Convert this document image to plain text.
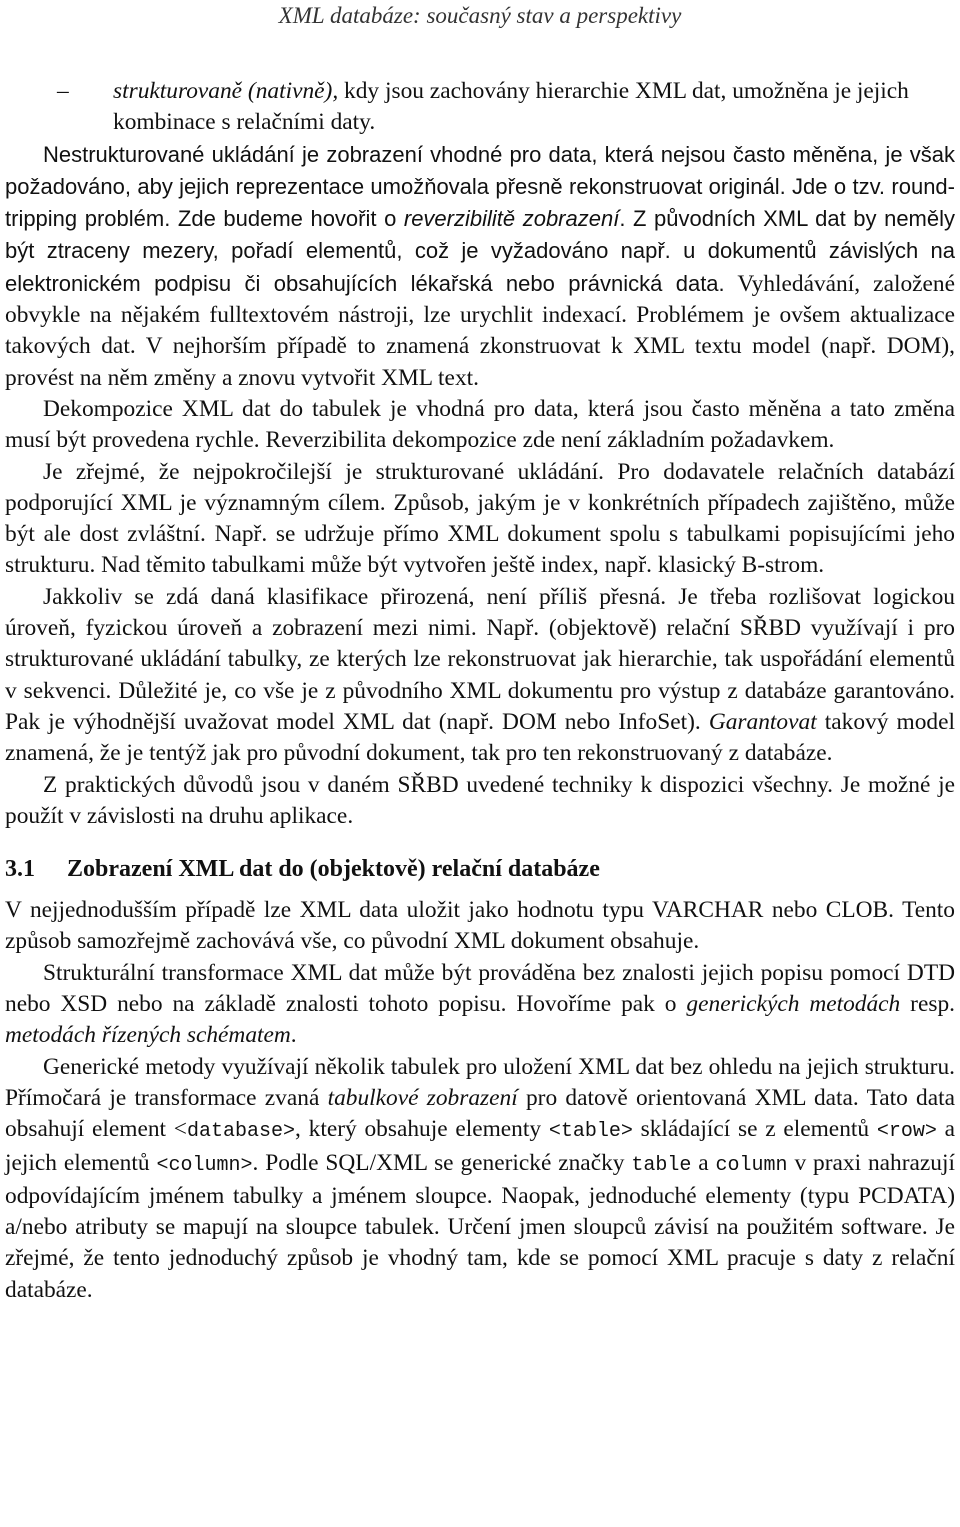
XML databáze: současný stav a perspektivy

– strukturovaně (nativně), kdy jsou zachovány hierarchie XML dat, umožněna je jejich kombinace s relačními daty.

Nestrukturované ukládání je zobrazení vhodné pro data, která nejsou často měněna, je však požadováno, aby jejich reprezentace umožňovala přesně rekonstruovat originál. Jde o tzv. round-tripping problém. Zde budeme hovořit o reverzibilitě zobrazení. Z původních XML dat by neměly být ztraceny mezery, pořadí elementů, což je vyžadováno např. u dokumentů závislých na elektronickém podpisu či obsahujících lékařská nebo právnická data. Vyhledávání, založené obvykle na nějakém fulltextovém nástroji, lze urychlit indexací. Problémem je ovšem aktualizace takových dat. V nejhorším případě to znamená zkonstruovat k XML textu model (např. DOM), provést na něm změny a znovu vytvořit XML text.

Dekompozice XML dat do tabulek je vhodná pro data, která jsou často měněna a tato změna musí být provedena rychle. Reverzibilita dekompozice zde není základním požadavkem.

Je zřejmé, že nejpokročilejší je strukturované ukládání. Pro dodavatele relačních databází podporující XML je významným cílem. Způsob, jakým je v konkrétních případech zajištěno, může být ale dost zvláštní. Např. se udržuje přímo XML dokument spolu s tabulkami popisujícími jeho strukturu. Nad těmito tabulkami může být vytvořen ještě index, např. klasický B-strom.

Jakkoliv se zdá daná klasifikace přirozená, není příliš přesná. Je třeba rozlišovat logickou úroveň, fyzickou úroveň a zobrazení mezi nimi. Např. (objektově) relační SŘBD využívají i pro strukturované ukládání tabulky, ze kterých lze rekonstruovat jak hierarchie, tak uspořádání elementů v sekvenci. Důležité je, co vše je z původního XML dokumentu pro výstup z databáze garantováno. Pak je výhodnější uvažovat model XML dat (např. DOM nebo InfoSet). Garantovat takový model znamená, že je tentýž jak pro původní dokument, tak pro ten rekonstruovaný z databáze.

Z praktických důvodů jsou v daném SŘBD uvedené techniky k dispozici všechny. Je možné je použít v závislosti na druhu aplikace.

3.1 Zobrazení XML dat do (objektově) relační databáze

V nejjednodušším případě lze XML data uložit jako hodnotu typu VARCHAR nebo CLOB. Tento způsob samozřejmě zachovává vše, co původní XML dokument obsahuje.

Strukturální transformace XML dat může být prováděna bez znalosti jejich popisu pomocí DTD nebo XSD nebo na základě znalosti tohoto popisu. Hovoříme pak o generických metodách resp. metodách řízených schématem.

Generické metody využívají několik tabulek pro uložení XML dat bez ohledu na jejich strukturu. Přímočará je transformace zvaná tabulkové zobrazení pro datově orientovaná XML data. Tato data obsahují element <database>, který obsahuje elementy <table> skládající se z elementů <row> a jejich elementů <column>. Podle SQL/XML se generické značky table a column v praxi nahrazují odpovídajícím jménem tabulky a jménem sloupce. Naopak, jednoduché elementy (typu PCDATA) a/nebo atributy se mapují na sloupce tabulek. Určení jmen sloupců závisí na použitém software. Je zřejmé, že tento jednoduchý způsob je vhodný tam, kde se pomocí XML pracuje s daty z relační databáze.
